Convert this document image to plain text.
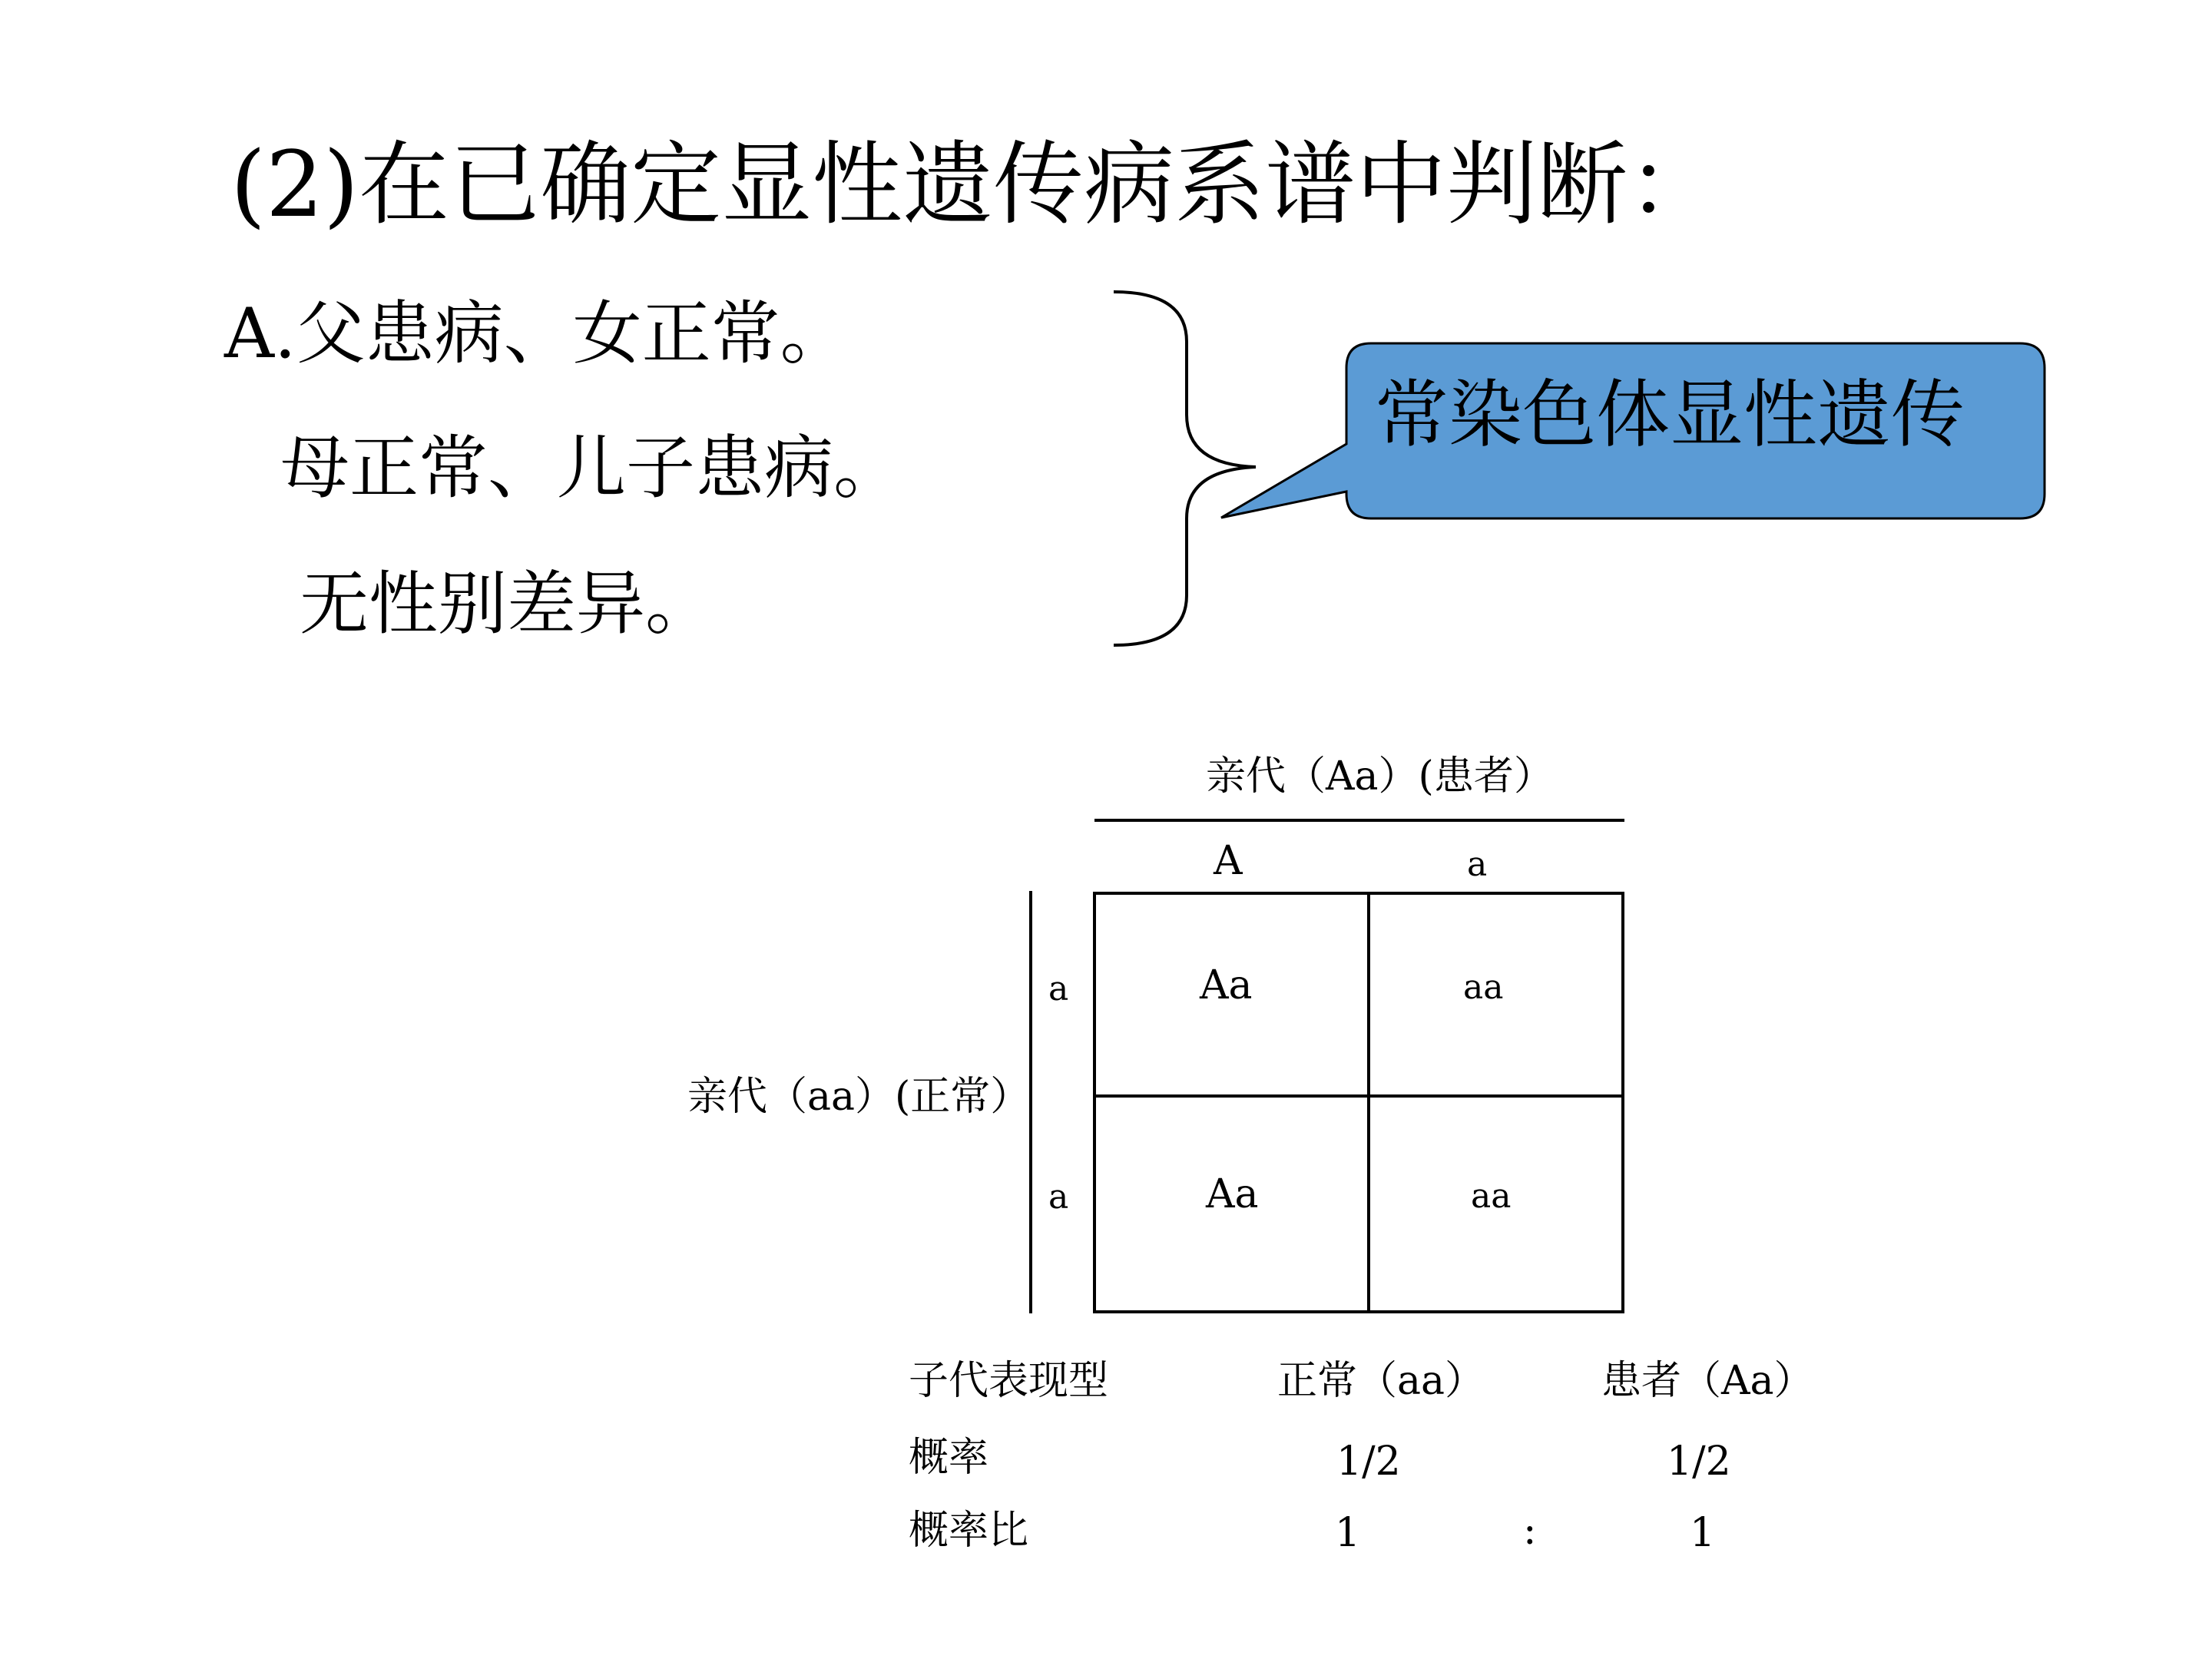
(2)在已确定显性遗传病系谱中判断：
A.父患病、女正常。
母正常、儿子患病。
无性别差异。
常染色体显性遗传
亲代（Aa）(患者）
A	a
亲代（aa）(正常）
a
a
Aa	aa
Aa	aa
子代表现型	正常（aa）	患者（Aa）
概率	1/2	1/2
概率比	1	:	1
